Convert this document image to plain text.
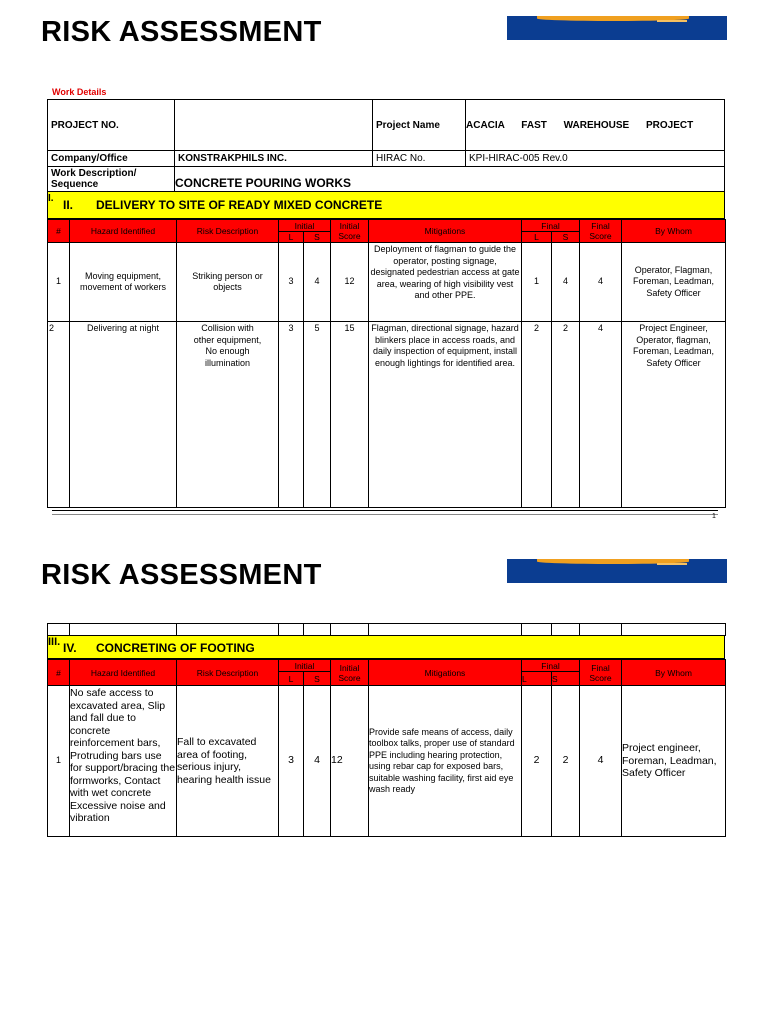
RISK ASSESSMENT
Work Details
PROJECT NO.		Project Name	ACACIA FAST WAREHOUSE PROJECT
Company/Office	KONSTRAKPHILS INC.	HIRAC No.	KPI-HIRAC-005 Rev.0
Work Description/ Sequence	CONCRETE POURING WORKS		
I. II. DELIVERY TO SITE OF READY MIXED CONCRETE
#	Hazard Identified	Risk Description	Initial		Initial Score	Mitigations	Final		Final Score	By Whom
			L	S			L	S		
1	Moving equipment, movement of workers	Striking person or objects	3	4	12	Deployment of flagman to guide the operator, posting signage, designated pedestrian access at gate area, wearing of high visibility vest and other PPE.	1	4	4	Operator, Flagman, Foreman, Leadman, Safety Officer
2	Delivering at night	Collision with other equipment, No enough illumination	3	5	15	Flagman, directional signage, hazard blinkers place in access roads, and daily inspection of equipment, install enough lightings for identified area.	2	2	4	Project Engineer, Operator, flagman, Foreman, Leadman, Safety Officer
1
RISK ASSESSMENT

III. IV. CONCRETING OF FOOTING
#	Hazard Identified	Risk Description	Initial		Initial Score	Mitigations	Final		Final Score	By Whom
			L	S			L	S		
1	No safe access to excavated area, Slip and fall due to concrete reinforcement bars, Protruding bars use for support/bracing the formworks, Contact with wet concrete Excessive noise and vibration	Fall to excavated area of footing, serious injury, hearing health issue	3	4	12	Provide safe means of access, daily toolbox talks, proper use of standard PPE including hearing protection, using rebar cap for exposed bars, suitable washing facility, first aid eye wash ready	2	2	4	Project engineer, Foreman, Leadman, Safety Officer
